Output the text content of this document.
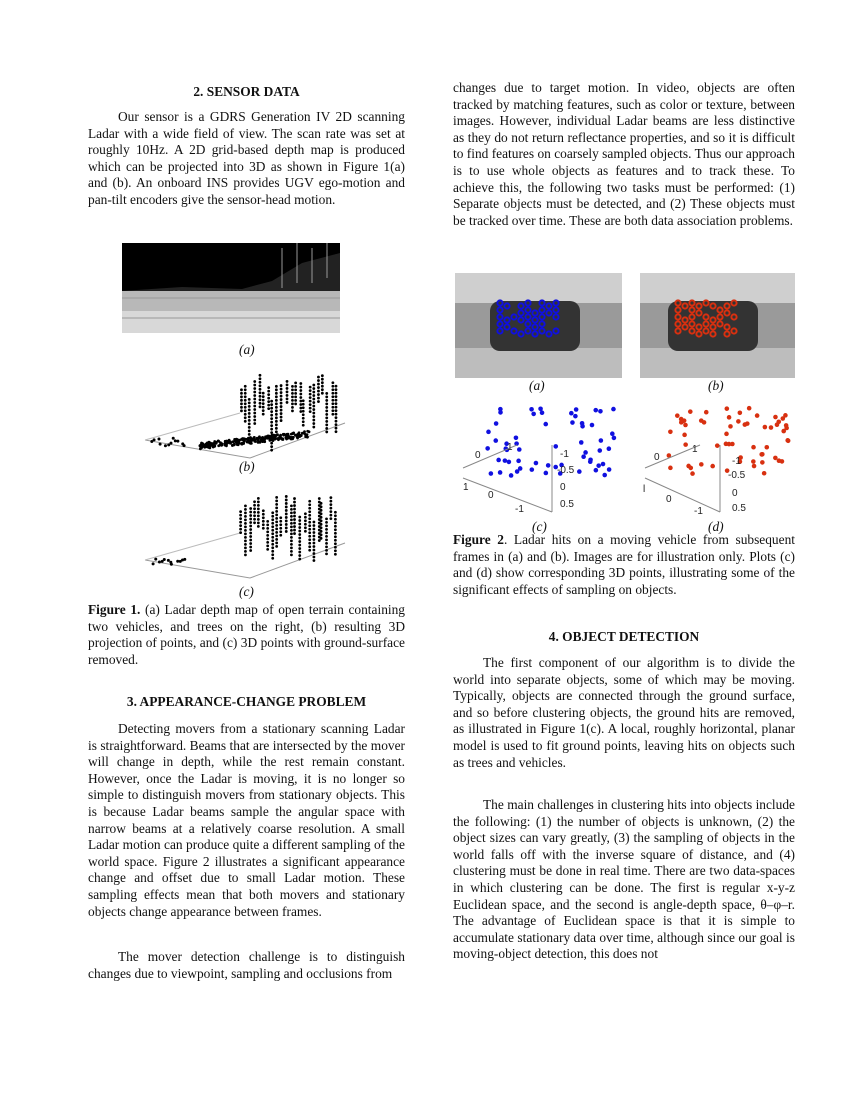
2. SENSOR DATA

Our sensor is a GDRS Generation IV 2D scanning Ladar with a wide field of view. The scan rate was set at roughly 10Hz. A 2D grid-based depth map is produced which can be projected into 3D as shown in Figure 1(a) and (b). An onboard INS provides UGV ego-motion and pan-tilt encoders give the sensor-head motion.

(a)
(b)
(c)

Figure 1. (a) Ladar depth map of open terrain containing two vehicles, and trees on the right, (b) resulting 3D projection of points, and (c) 3D points with ground-surface removed.

3. APPEARANCE-CHANGE PROBLEM

Detecting movers from a stationary scanning Ladar is straightforward. Beams that are intersected by the mover will change in depth, while the rest remain constant. However, once the Ladar is moving, it is no longer so simple to distinguish movers from stationary objects. This is because Ladar beams sample the angular space with narrow beams at a relatively coarse resolution. A small Ladar motion can produce quite a different sampling of the world space. Figure 2 illustrates a significant appearance change and offset due to small Ladar motion. These sampling effects mean that both movers and stationary objects change appearance between frames.

The mover detection challenge is to distinguish changes due to viewpoint, sampling and occlusions from

changes due to target motion. In video, objects are often tracked by matching features, such as color or texture, between images. However, individual Ladar beams are less distinctive as they do not return reflectance properties, and so it is difficult to find features on coarsely sampled objects. Thus our approach is to use whole objects as features and to track these. To achieve this, the following two tasks must be performed: (1) Separate objects must be detected, and (2) These objects must be tracked over time. These are both data association problems.

(a)	(b)
0
1
1
0
-1
-1
-0.5
0
0.5
0
1
l
0
-1
-1
-0.5
0
0.5
(c)	(d)

Figure 2. Ladar hits on a moving vehicle from subsequent frames in (a) and (b). Images are for illustration only. Plots (c) and (d) show corresponding 3D points, illustrating some of the significant effects of sampling on objects.

4. OBJECT DETECTION

The first component of our algorithm is to divide the world into separate objects, some of which may be moving. Typically, objects are connected through the ground surface, and so before clustering objects, the ground hits are removed, as illustrated in Figure 1(c). A local, roughly horizontal, planar model is used to fit ground points, leaving hits on objects such as trees and vehicles.

The main challenges in clustering hits into objects include the following: (1) the number of objects is unknown, (2) the object sizes can vary greatly, (3) the sampling of objects in the world falls off with the inverse square of distance, and (4) clustering must be done in real time. There are two data-spaces in which clustering can be done. The first is regular x-y-z Euclidean space, and the second is angle-depth space, θ–φ–r. The advantage of Euclidean space is that it is simple to accumulate stationary data over time, although since our goal is moving-object detection, this does not
